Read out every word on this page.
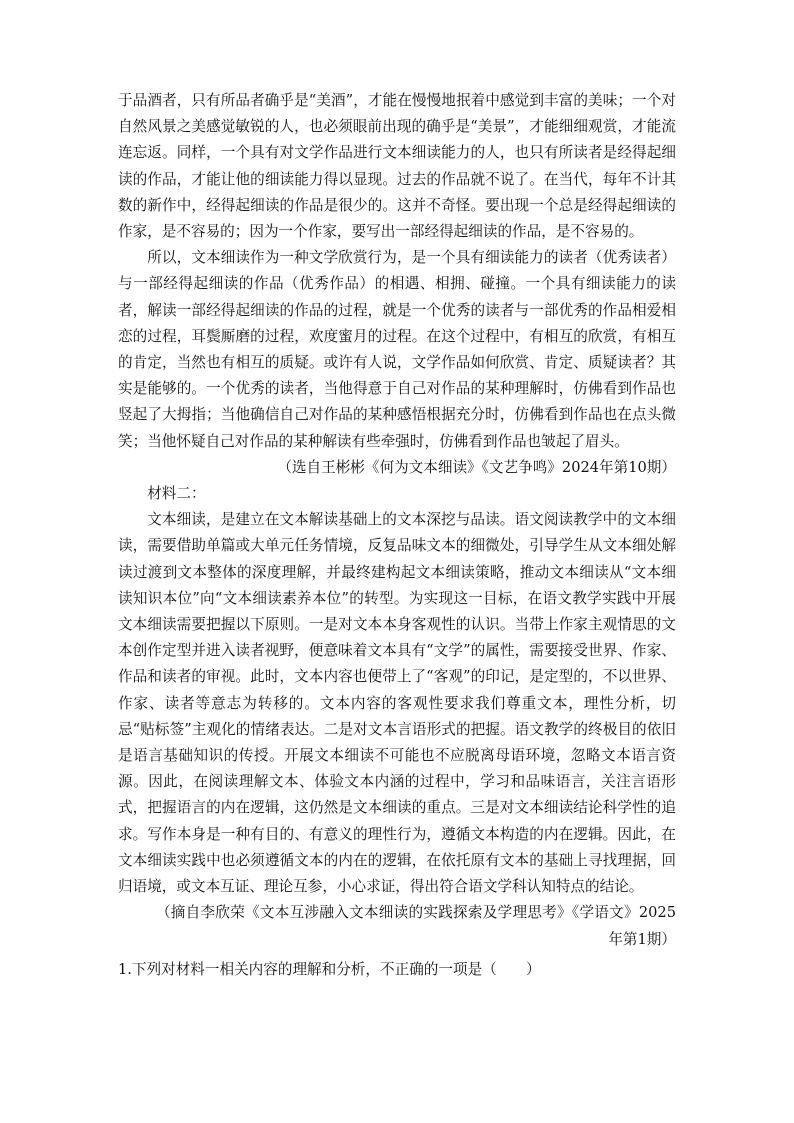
于品酒者，只有所品者确乎是“美酒”，才能在慢慢地抿着中感觉到丰富的美味；一个对自然风景之美感觉敏锐的人，也必须眼前出现的确乎是“美景”，才能细细观赏，才能流连忘返。同样，一个具有对文学作品进行文本细读能力的人，也只有所读者是经得起细读的作品，才能让他的细读能力得以显现。过去的作品就不说了。在当代，每年不计其数的新作中，经得起细读的作品是很少的。这并不奇怪。要出现一个总是经得起细读的作家，是不容易的；因为一个作家，要写出一部经得起细读的作品，是不容易的。

所以，文本细读作为一种文学欣赏行为，是一个具有细读能力的读者（优秀读者）与一部经得起细读的作品（优秀作品）的相遇、相拥、碰撞。一个具有细读能力的读者，解读一部经得起细读的作品的过程，就是一个优秀的读者与一部优秀的作品相爱相恋的过程，耳鬓厮磨的过程，欢度蜜月的过程。在这个过程中，有相互的欣赏，有相互的肯定，当然也有相互的质疑。或许有人说，文学作品如何欣赏、肯定、质疑读者？其实是能够的。一个优秀的读者，当他得意于自己对作品的某种理解时，仿佛看到作品也竖起了大拇指；当他确信自己对作品的某种感悟根据充分时，仿佛看到作品也在点头微笑；当他怀疑自己对作品的某种解读有些牵强时，仿佛看到作品也皱起了眉头。

（选自王彬彬《何为文本细读》《文艺争鸣》2024年第10期）

材料二：

文本细读，是建立在文本解读基础上的文本深挖与品读。语文阅读教学中的文本细读，需要借助单篇或大单元任务情境，反复品味文本的细微处，引导学生从文本细处解读过渡到文本整体的深度理解，并最终建构起文本细读策略，推动文本细读从“文本细读知识本位”向“文本细读素养本位”的转型。为实现这一目标，在语文教学实践中开展文本细读需要把握以下原则。一是对文本本身客观性的认识。当带上作家主观情思的文本创作定型并进入读者视野，便意味着文本具有“文学”的属性，需要接受世界、作家、作品和读者的审视。此时，文本内容也便带上了“客观”的印记，是定型的，不以世界、作家、读者等意志为转移的。文本内容的客观性要求我们尊重文本，理性分析，切忌“贴标签”主观化的情绪表达。二是对文本言语形式的把握。语文教学的终极目的依旧是语言基础知识的传授。开展文本细读不可能也不应脱离母语环境，忽略文本语言资源。因此，在阅读理解文本、体验文本内涵的过程中，学习和品味语言，关注言语形式，把握语言的内在逻辑，这仍然是文本细读的重点。三是对文本细读结论科学性的追求。写作本身是一种有目的、有意义的理性行为，遵循文本构造的内在逻辑。因此，在文本细读实践中也必须遵循文本的内在的逻辑，在依托原有文本的基础上寻找理据，回归语境，或文本互证、理论互参，小心求证，得出符合语文学科认知特点的结论。

（摘自李欣荣《文本互涉融入文本细读的实践探索及学理思考》《学语文》2025年第1期）

1.下列对材料一相关内容的理解和分析，不正确的一项是（　　）
